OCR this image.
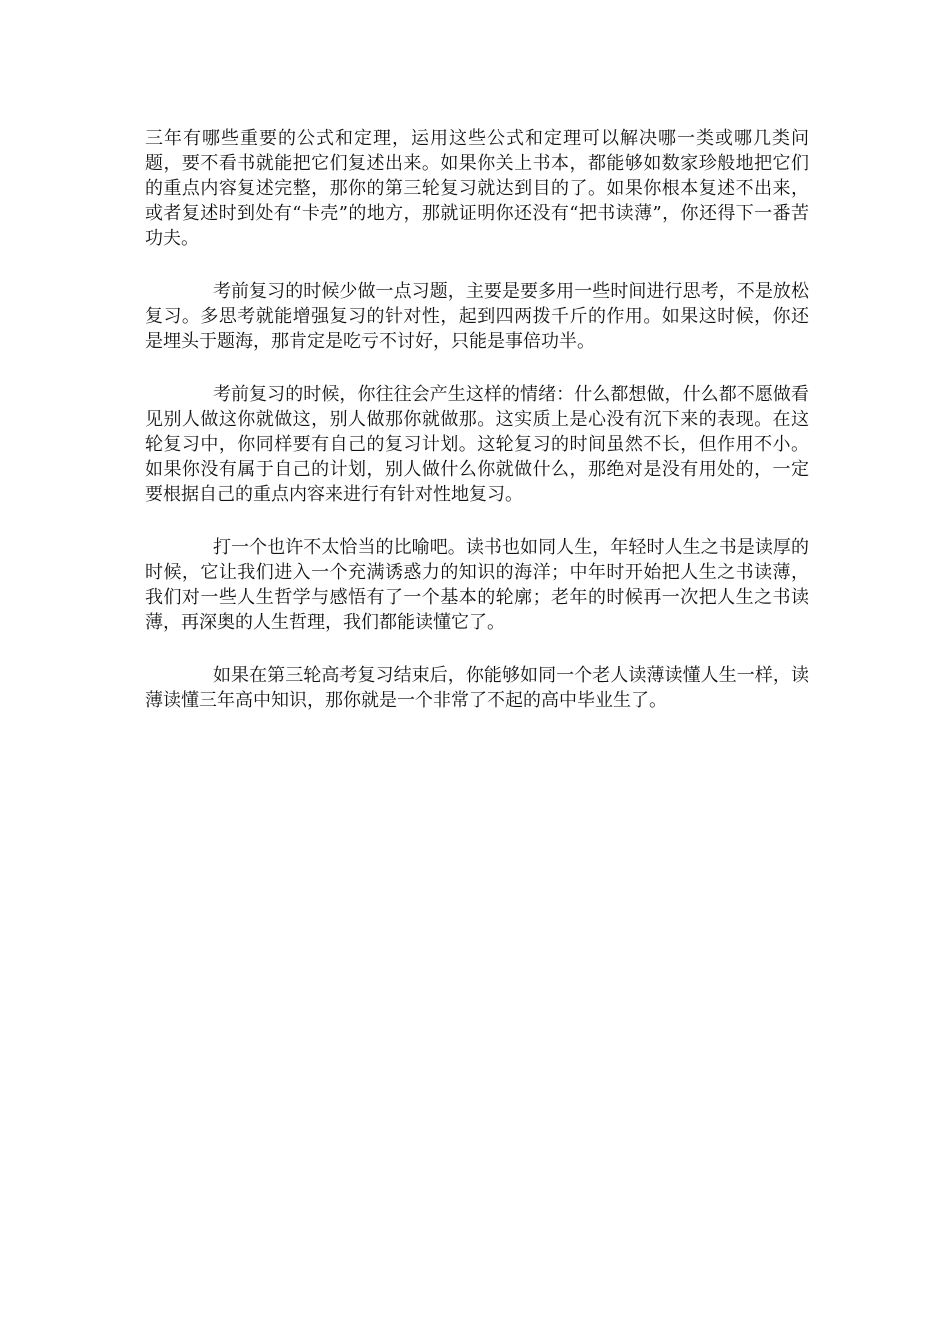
三年有哪些重要的公式和定理，运用这些公式和定理可以解决哪一类或哪几类问题，要不看书就能把它们复述出来。如果你关上书本，都能够如数家珍般地把它们的重点内容复述完整，那你的第三轮复习就达到目的了。如果你根本复述不出来，或者复述时到处有“卡壳”的地方，那就证明你还没有“把书读薄”，你还得下一番苦功夫。

考前复习的时候少做一点习题，主要是要多用一些时间进行思考，不是放松复习。多思考就能增强复习的针对性，起到四两拨千斤的作用。如果这时候，你还是埋头于题海，那肯定是吃亏不讨好，只能是事倍功半。

考前复习的时候，你往往会产生这样的情绪：什么都想做，什么都不愿做看见别人做这你就做这，别人做那你就做那。这实质上是心没有沉下来的表现。在这轮复习中，你同样要有自己的复习计划。这轮复习的时间虽然不长，但作用不小。如果你没有属于自己的计划，别人做什么你就做什么，那绝对是没有用处的，一定要根据自己的重点内容来进行有针对性地复习。

打一个也许不太恰当的比喻吧。读书也如同人生，年轻时人生之书是读厚的时候，它让我们进入一个充满诱惑力的知识的海洋；中年时开始把人生之书读薄，我们对一些人生哲学与感悟有了一个基本的轮廓；老年的时候再一次把人生之书读薄，再深奥的人生哲理，我们都能读懂它了。

如果在第三轮高考复习结束后，你能够如同一个老人读薄读懂人生一样，读薄读懂三年高中知识，那你就是一个非常了不起的高中毕业生了。
